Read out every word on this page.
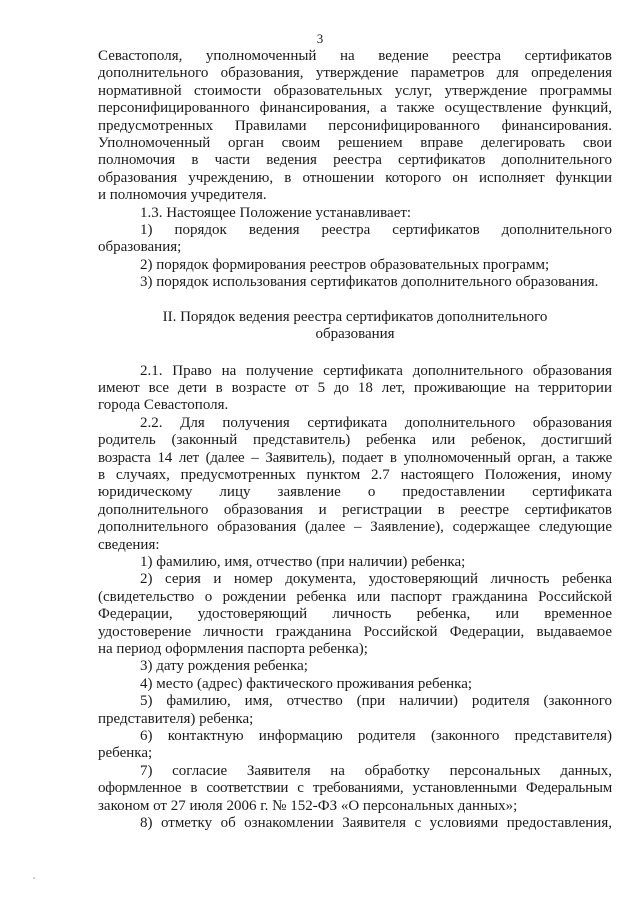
3

Севастополя, уполномоченный на ведение реестра сертификатов

дополнительного образования, утверждение параметров для определения

нормативной стоимости образовательных услуг, утверждение программы

персонифицированного финансирования, а также осуществление функций,

предусмотренных Правилами персонифицированного финансирования.

Уполномоченный орган своим решением вправе делегировать свои

полномочия в части ведения реестра сертификатов дополнительного

образования учреждению, в отношении которого он исполняет функции

и полномочия учредителя.

1.3. Настоящее Положение устанавливает:

1) порядок ведения реестра сертификатов дополнительного

образования;

2) порядок формирования реестров образовательных программ;

3) порядок использования сертификатов дополнительного образования.

II. Порядок ведения реестра сертификатов дополнительного

образования

2.1. Право на получение сертификата дополнительного образования

имеют все дети в возрасте от 5 до 18 лет, проживающие на территории

города Севастополя.

2.2. Для получения сертификата дополнительного образования

родитель (законный представитель) ребенка или ребенок, достигший

возраста 14 лет (далее – Заявитель), подает в уполномоченный орган, а также

в случаях, предусмотренных пунктом 2.7 настоящего Положения, иному

юридическому лицу заявление о предоставлении сертификата

дополнительного образования и регистрации в реестре сертификатов

дополнительного образования (далее – Заявление), содержащее следующие

сведения:

1) фамилию, имя, отчество (при наличии) ребенка;

2) серия и номер документа, удостоверяющий личность ребенка

(свидетельство о рождении ребенка или паспорт гражданина Российской

Федерации, удостоверяющий личность ребенка, или временное

удостоверение личности гражданина Российской Федерации, выдаваемое

на период оформления паспорта ребенка);

3) дату рождения ребенка;

4) место (адрес) фактического проживания ребенка;

5) фамилию, имя, отчество (при наличии) родителя (законного

представителя) ребенка;

6) контактную информацию родителя (законного представителя)

ребенка;

7) согласие Заявителя на обработку персональных данных,

оформленное в соответствии с требованиями, установленными Федеральным

законом от 27 июля 2006 г. № 152-ФЗ «О персональных данных»;

8) отметку об ознакомлении Заявителя с условиями предоставления,
